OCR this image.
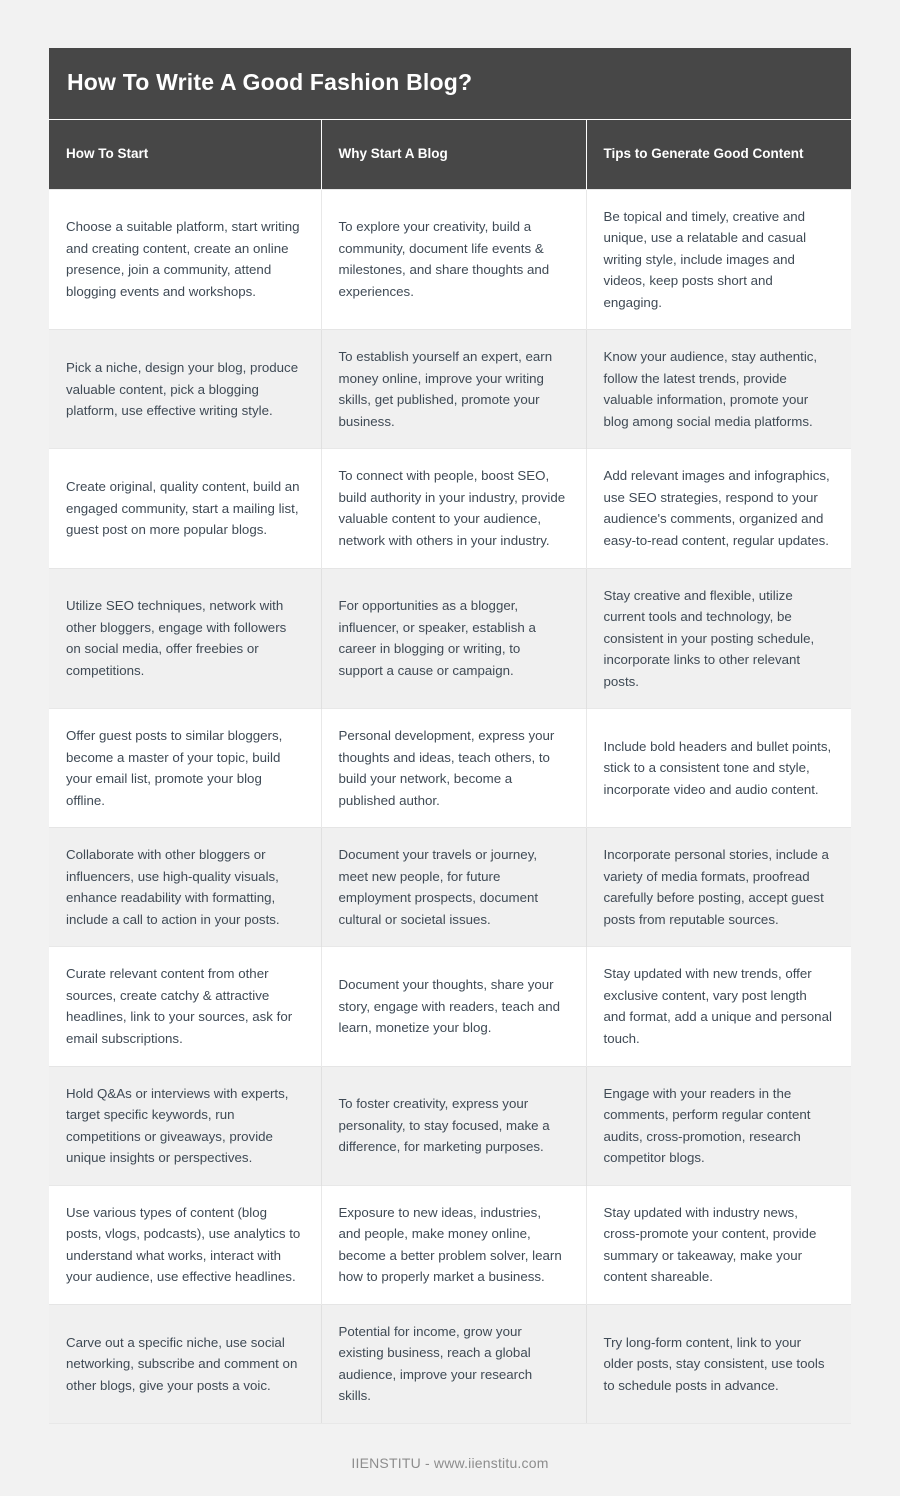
How To Write A Good Fashion Blog?
How To Start	Why Start A Blog	Tips to Generate Good Content
Choose a suitable platform, start writing and creating content, create an online presence, join a community, attend blogging events and workshops.	To explore your creativity, build a community, document life events & milestones, and share thoughts and experiences.	Be topical and timely, creative and unique, use a relatable and casual writing style, include images and videos, keep posts short and engaging.
Pick a niche, design your blog, produce valuable content, pick a blogging platform, use effective writing style.	To establish yourself an expert, earn money online, improve your writing skills, get published, promote your business.	Know your audience, stay authentic, follow the latest trends, provide valuable information, promote your blog among social media platforms.
Create original, quality content, build an engaged community, start a mailing list, guest post on more popular blogs.	To connect with people, boost SEO, build authority in your industry, provide valuable content to your audience, network with others in your industry.	Add relevant images and infographics, use SEO strategies, respond to your audience's comments, organized and easy-to-read content, regular updates.
Utilize SEO techniques, network with other bloggers, engage with followers on social media, offer freebies or competitions.	For opportunities as a blogger, influencer, or speaker, establish a career in blogging or writing, to support a cause or campaign.	Stay creative and flexible, utilize current tools and technology, be consistent in your posting schedule, incorporate links to other relevant posts.
Offer guest posts to similar bloggers, become a master of your topic, build your email list, promote your blog offline.	Personal development, express your thoughts and ideas, teach others, to build your network, become a published author.	Include bold headers and bullet points, stick to a consistent tone and style, incorporate video and audio content.
Collaborate with other bloggers or influencers, use high-quality visuals, enhance readability with formatting, include a call to action in your posts.	Document your travels or journey, meet new people, for future employment prospects, document cultural or societal issues.	Incorporate personal stories, include a variety of media formats, proofread carefully before posting, accept guest posts from reputable sources.
Curate relevant content from other sources, create catchy & attractive headlines, link to your sources, ask for email subscriptions.	Document your thoughts, share your story, engage with readers, teach and learn, monetize your blog.	Stay updated with new trends, offer exclusive content, vary post length and format, add a unique and personal touch.
Hold Q&As or interviews with experts, target specific keywords, run competitions or giveaways, provide unique insights or perspectives.	To foster creativity, express your personality, to stay focused, make a difference, for marketing purposes.	Engage with your readers in the comments, perform regular content audits, cross-promotion, research competitor blogs.
Use various types of content (blog posts, vlogs, podcasts), use analytics to understand what works, interact with your audience, use effective headlines.	Exposure to new ideas, industries, and people, make money online, become a better problem solver, learn how to properly market a business.	Stay updated with industry news, cross-promote your content, provide summary or takeaway, make your content shareable.
Carve out a specific niche, use social networking, subscribe and comment on other blogs, give your posts a voic.	Potential for income, grow your existing business, reach a global audience, improve your research skills.	Try long-form content, link to your older posts, stay consistent, use tools to schedule posts in advance.
IIENSTITU - www.iienstitu.com
